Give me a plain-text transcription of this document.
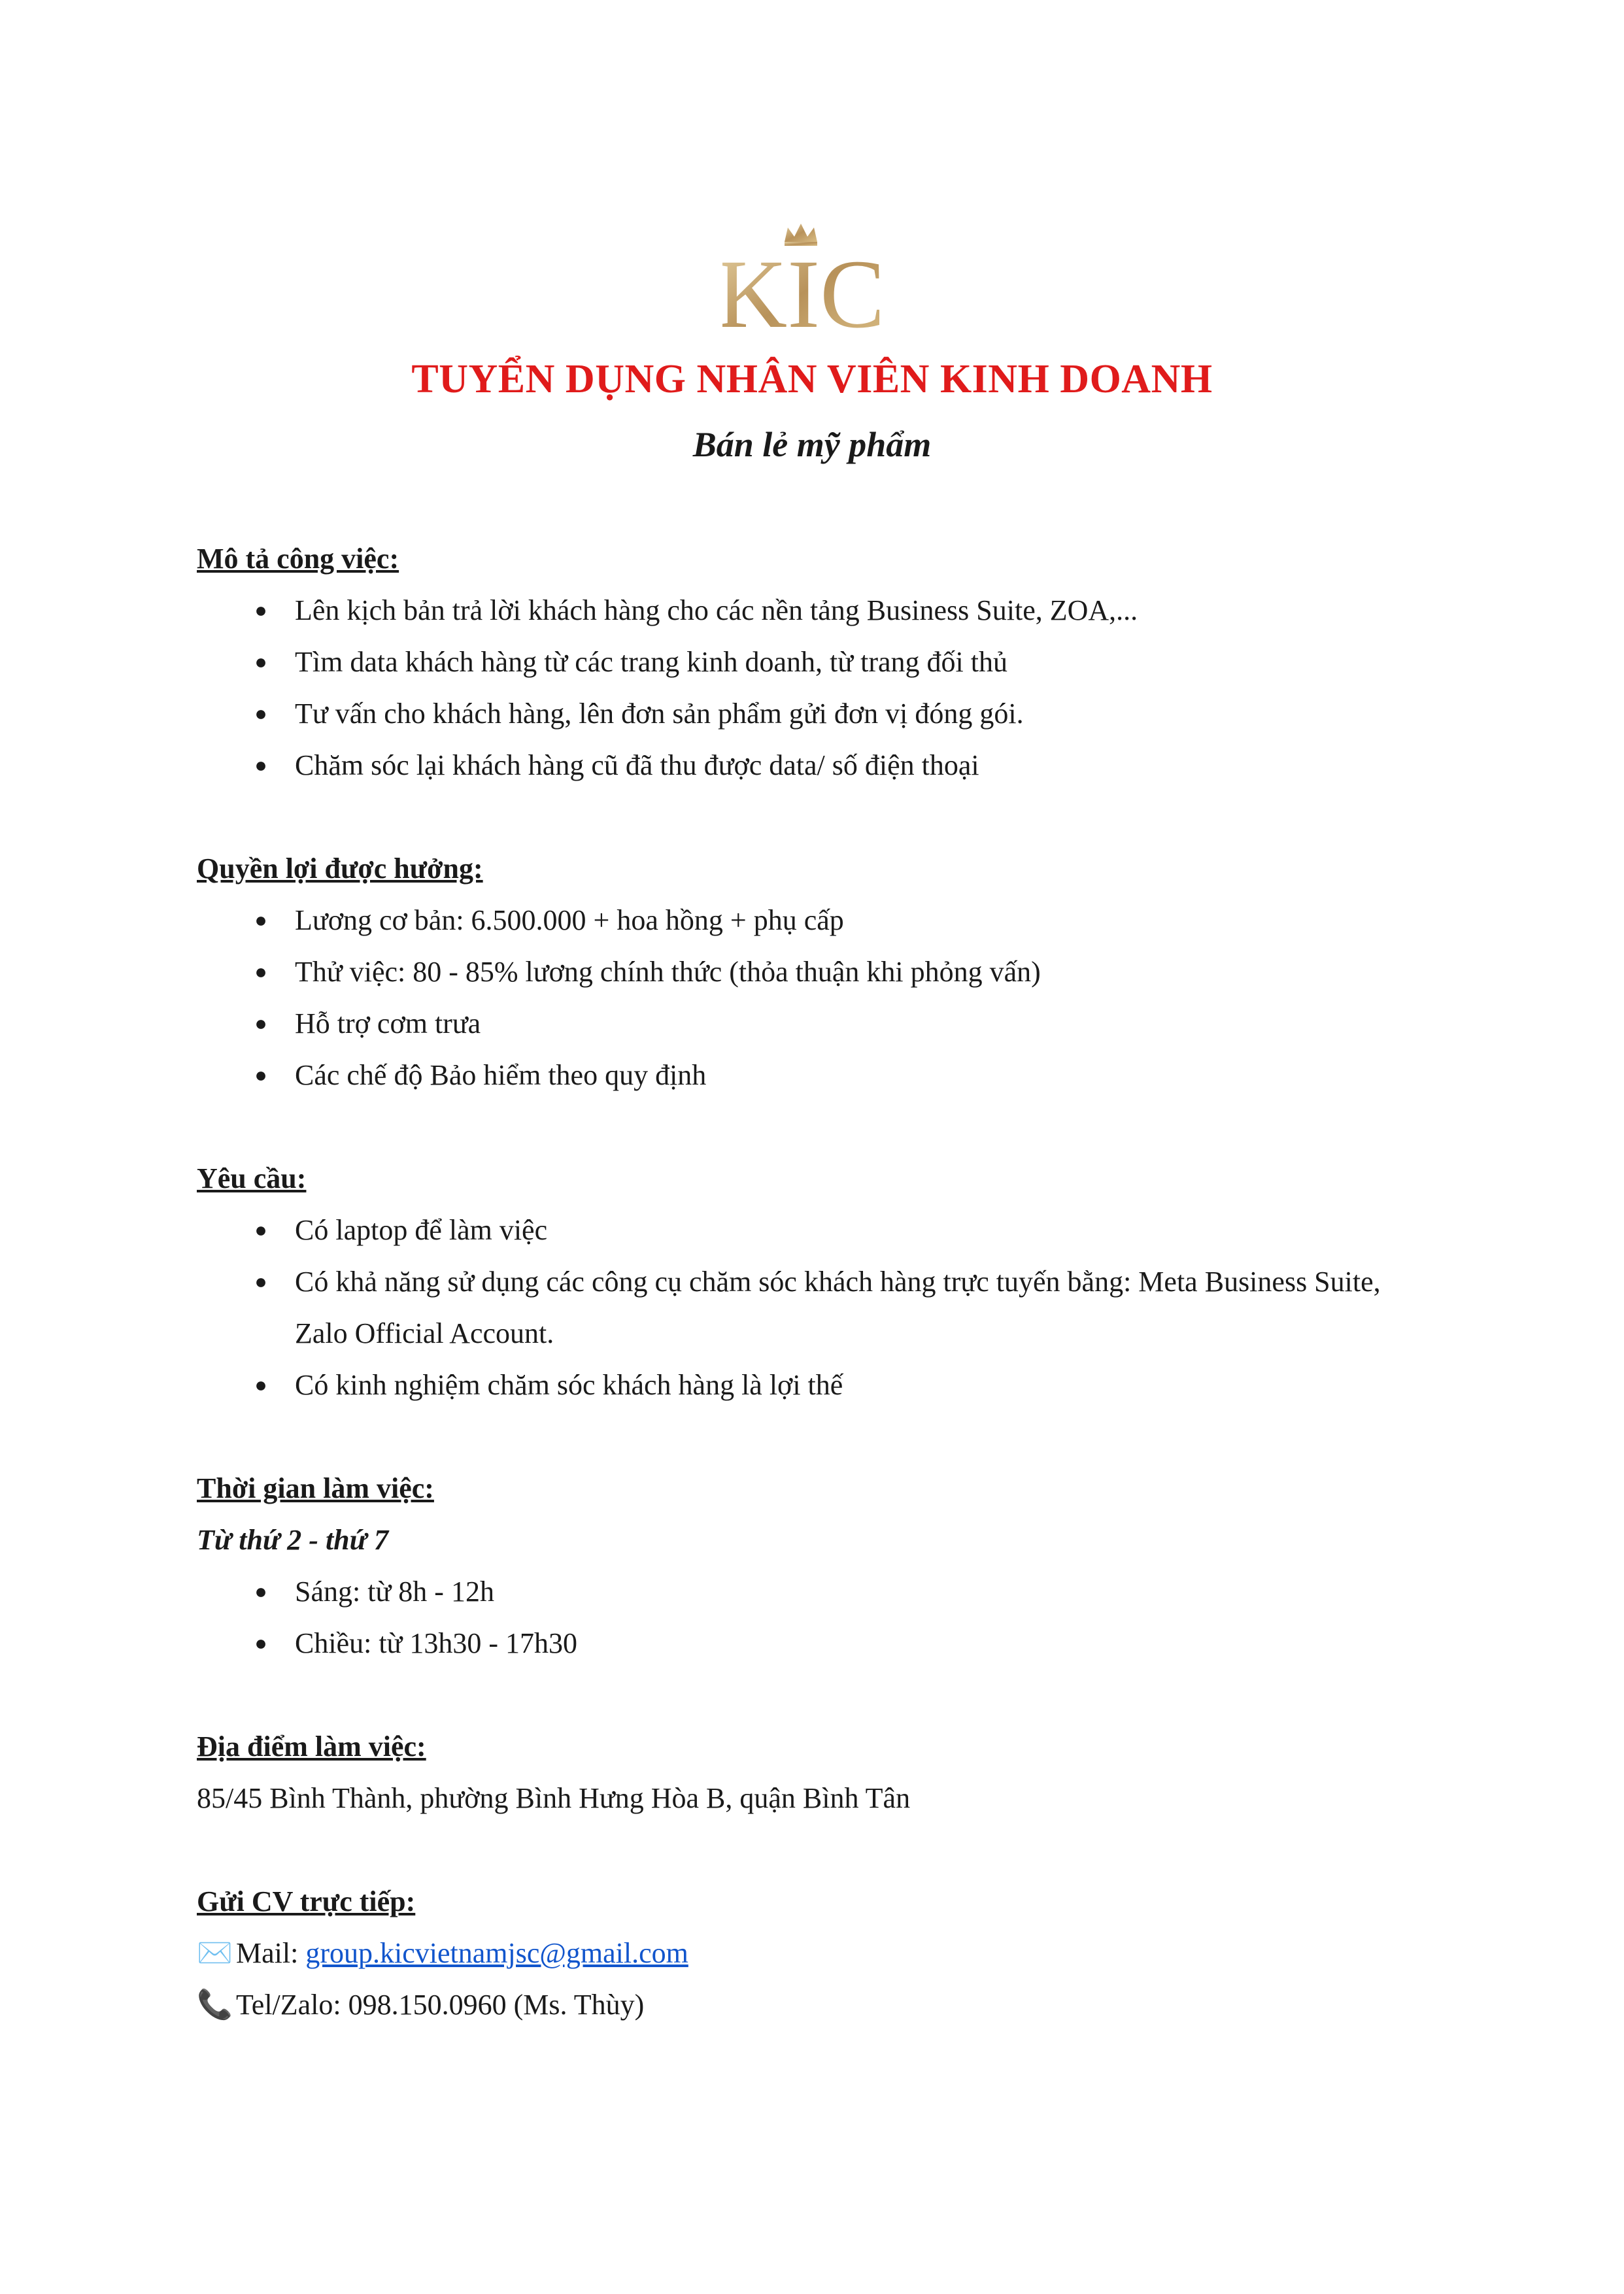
KIC
TUYỂN DỤNG NHÂN VIÊN KINH DOANH
Bán lẻ mỹ phẩm
Mô tả công việc:
● Lên kịch bản trả lời khách hàng cho các nền tảng Business Suite, ZOA,...
● Tìm data khách hàng từ các trang kinh doanh, từ trang đối thủ
● Tư vấn cho khách hàng, lên đơn sản phẩm gửi đơn vị đóng gói.
● Chăm sóc lại khách hàng cũ đã thu được data/ số điện thoại
Quyền lợi được hưởng:
● Lương cơ bản: 6.500.000 + hoa hồng + phụ cấp
● Thử việc: 80 - 85% lương chính thức (thỏa thuận khi phỏng vấn)
● Hỗ trợ cơm trưa
● Các chế độ Bảo hiểm theo quy định
Yêu cầu:
● Có laptop để làm việc
● Có khả năng sử dụng các công cụ chăm sóc khách hàng trực tuyến bằng: Meta Business Suite, Zalo Official Account.
● Có kinh nghiệm chăm sóc khách hàng là lợi thế
Thời gian làm việc:
Từ thứ 2 - thứ 7
● Sáng: từ 8h - 12h
● Chiều: từ 13h30 - 17h30
Địa điểm làm việc:
85/45 Bình Thành, phường Bình Hưng Hòa B, quận Bình Tân
Gửi CV trực tiếp:
✉️ Mail: group.kicvietnamjsc@gmail.com
📞 Tel/Zalo: 098.150.0960 (Ms. Thùy)
